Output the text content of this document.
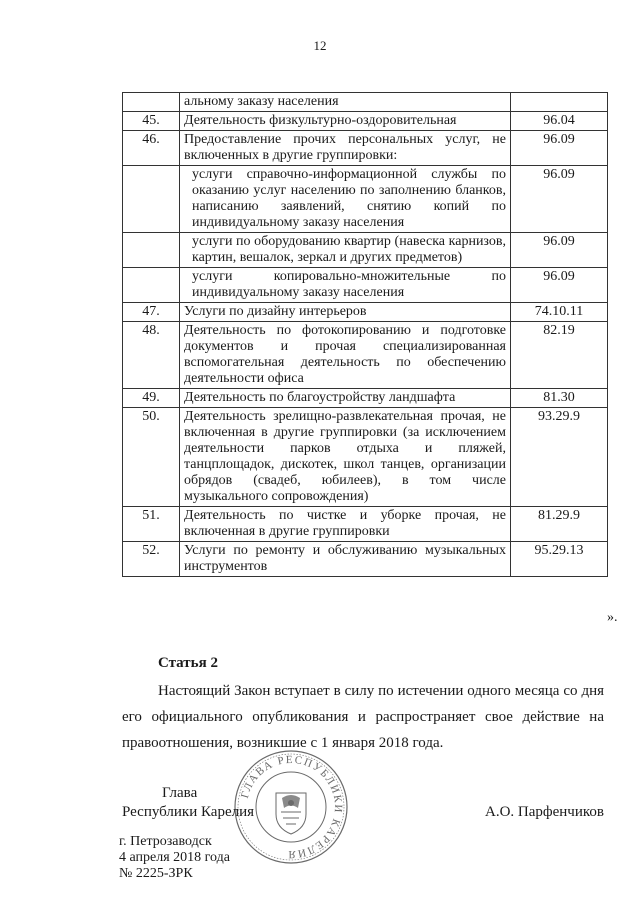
12
	альному заказу населения	
45.	Деятельность физкультурно-оздоровительная	96.04
46.	Предоставление прочих персональных услуг, не включенных в другие группировки:	96.09
	услуги справочно-информационной службы по оказанию услуг населению по заполнению бланков, написанию заявлений, снятию копий по индивидуальному заказу населения	96.09
	услуги по оборудованию квартир (навеска карнизов, картин, вешалок, зеркал и других предметов)	96.09
	услуги копировально-множительные по индивидуальному заказу населения	96.09
47.	Услуги по дизайну интерьеров	74.10.11
48.	Деятельность по фотокопированию и подготовке документов и прочая специализированная вспомогательная деятельность по обеспечению деятельности офиса	82.19
49.	Деятельность по благоустройству ландшафта	81.30
50.	Деятельность зрелищно-развлекательная прочая, не включенная в другие группировки (за исключением деятельности парков отдыха и пляжей, танцплощадок, дискотек, школ танцев, организации обрядов (свадеб, юбилеев), в том числе музыкального сопровождения)	93.29.9
51.	Деятельность по чистке и уборке прочая, не включенная в другие группировки	81.29.9
52.	Услуги по ремонту и обслуживанию музыкальных инструментов	95.29.13
».
Статья 2
Настоящий Закон вступает в силу по истечении одного месяца со дня его официального опубликования и распространяет свое действие на правоотношения, возникшие с 1 января 2018 года.
ГЛАВА РЕСПУБЛИКИ КАРЕЛИЯ
Глава
Республики Карелия	А.О. Парфенчиков
г. Петрозаводск
4 апреля 2018 года
№ 2225-ЗРК
